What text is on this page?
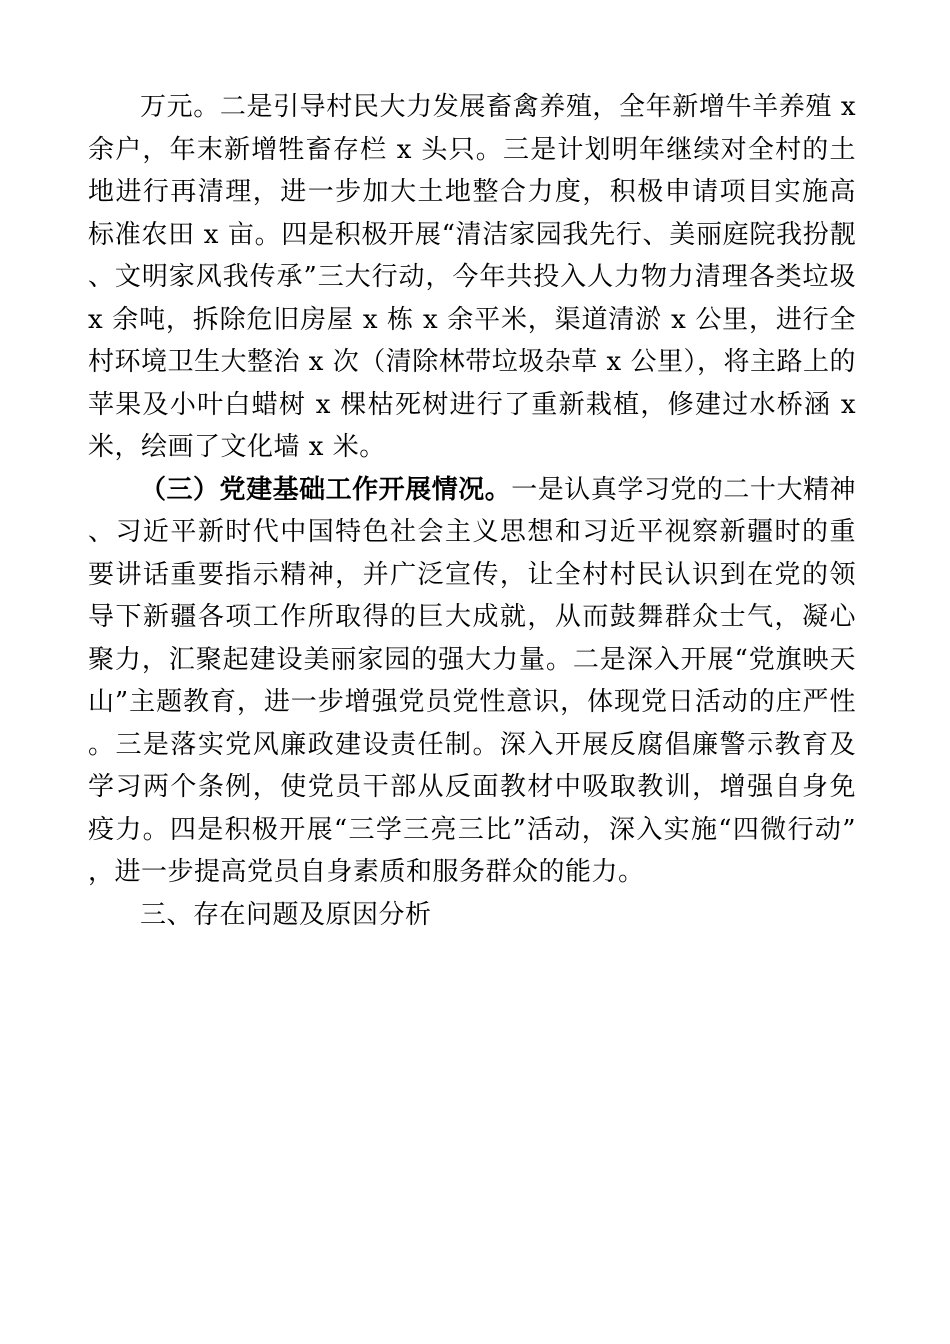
万元。二是引导村民大力发展畜禽养殖，全年新增牛羊养殖 x 余户，年末新增牲畜存栏 x 头只。三是计划明年继续对全村的土地进行再清理，进一步加大土地整合力度，积极申请项目实施高标准农田 x 亩。四是积极开展“清洁家园我先行、美丽庭院我扮靓、文明家风我传承”三大行动，今年共投入人力物力清理各类垃圾 x 余吨，拆除危旧房屋 x 栋 x 余平米，渠道清淤 x 公里，进行全村环境卫生大整治 x 次（清除林带垃圾杂草 x 公里），将主路上的苹果及小叶白蜡树 x 棵枯死树进行了重新栽植，修建过水桥涵 x 米，绘画了文化墙 x 米。

（三）党建基础工作开展情况。一是认真学习党的二十大精神、习近平新时代中国特色社会主义思想和习近平视察新疆时的重要讲话重要指示精神，并广泛宣传，让全村村民认识到在党的领导下新疆各项工作所取得的巨大成就，从而鼓舞群众士气，凝心聚力，汇聚起建设美丽家园的强大力量。二是深入开展“党旗映天山”主题教育，进一步增强党员党性意识，体现党日活动的庄严性。三是落实党风廉政建设责任制。深入开展反腐倡廉警示教育及学习两个条例，使党员干部从反面教材中吸取教训，增强自身免疫力。四是积极开展“三学三亮三比”活动，深入实施“四微行动”，进一步提高党员自身素质和服务群众的能力。

三、存在问题及原因分析
